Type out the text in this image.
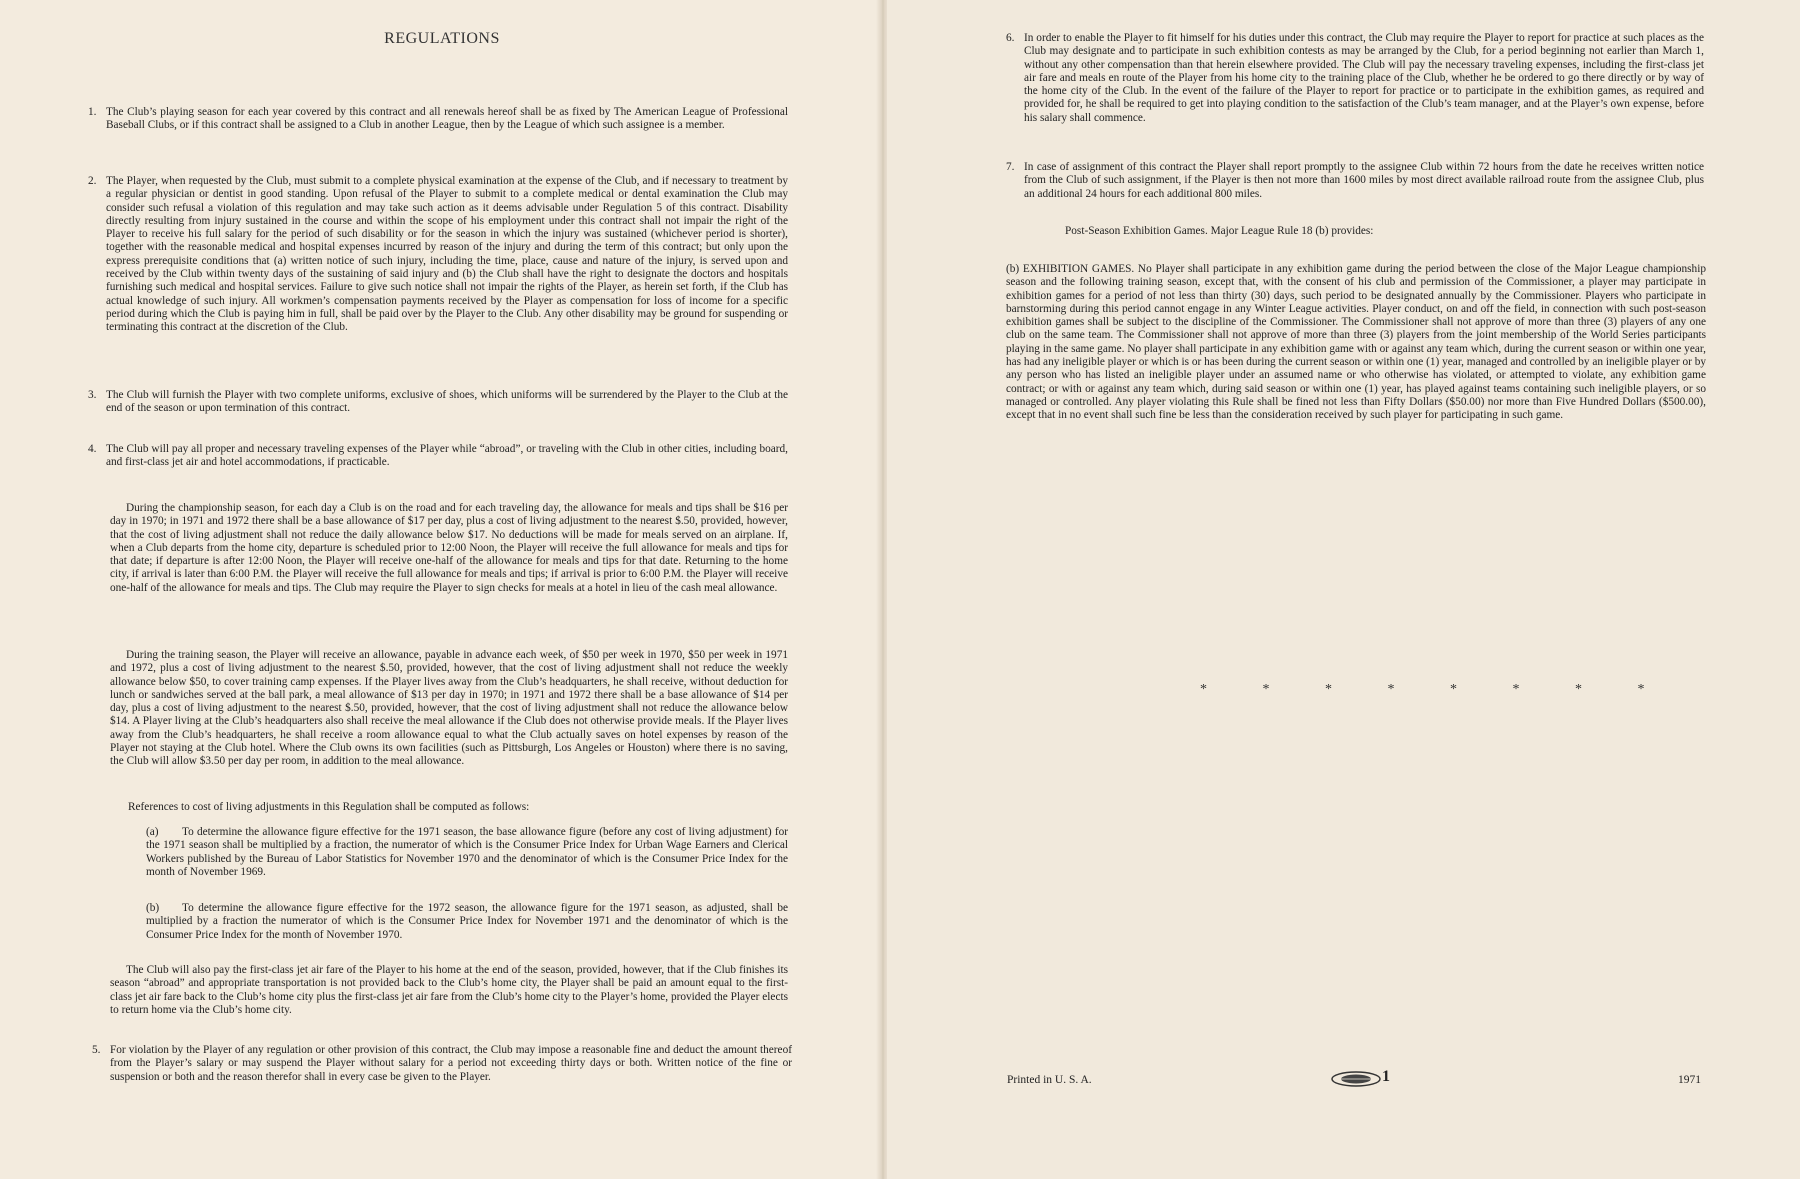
REGULATIONS
1. The Club’s playing season for each year covered by this contract and all renewals hereof shall be as fixed by The American League of Professional Baseball Clubs, or if this contract shall be assigned to a Club in another League, then by the League of which such assignee is a member.
2. The Player, when requested by the Club, must submit to a complete physical examination at the expense of the Club, and if necessary to treatment by a regular physician or dentist in good standing. Upon refusal of the Player to submit to a complete medical or dental examination the Club may consider such refusal a violation of this regulation and may take such action as it deems advisable under Regulation 5 of this contract. Disability directly resulting from injury sustained in the course and within the scope of his employment under this contract shall not impair the right of the Player to receive his full salary for the period of such disability or for the season in which the injury was sustained (whichever period is shorter), together with the reasonable medical and hospital expenses incurred by reason of the injury and during the term of this contract; but only upon the express prerequisite conditions that (a) written notice of such injury, including the time, place, cause and nature of the injury, is served upon and received by the Club within twenty days of the sustaining of said injury and (b) the Club shall have the right to designate the doctors and hospitals furnishing such medical and hospital services. Failure to give such notice shall not impair the rights of the Player, as herein set forth, if the Club has actual knowledge of such injury. All workmen’s compensation payments received by the Player as compensation for loss of income for a specific period during which the Club is paying him in full, shall be paid over by the Player to the Club. Any other disability may be ground for suspending or terminating this contract at the discretion of the Club.
3. The Club will furnish the Player with two complete uniforms, exclusive of shoes, which uniforms will be surrendered by the Player to the Club at the end of the season or upon termination of this contract.
4. The Club will pay all proper and necessary traveling expenses of the Player while “abroad”, or traveling with the Club in other cities, including board, and first-class jet air and hotel accommodations, if practicable.
During the championship season, for each day a Club is on the road and for each traveling day, the allowance for meals and tips shall be $16 per day in 1970; in 1971 and 1972 there shall be a base allowance of $17 per day, plus a cost of living adjustment to the nearest $.50, provided, however, that the cost of living adjustment shall not reduce the daily allowance below $17. No deductions will be made for meals served on an airplane. If, when a Club departs from the home city, departure is scheduled prior to 12:00 Noon, the Player will receive the full allowance for meals and tips for that date; if departure is after 12:00 Noon, the Player will receive one-half of the allowance for meals and tips for that date. Returning to the home city, if arrival is later than 6:00 P.M. the Player will receive the full allowance for meals and tips; if arrival is prior to 6:00 P.M. the Player will receive one-half of the allowance for meals and tips. The Club may require the Player to sign checks for meals at a hotel in lieu of the cash meal allowance.
During the training season, the Player will receive an allowance, payable in advance each week, of $50 per week in 1970, $50 per week in 1971 and 1972, plus a cost of living adjustment to the nearest $.50, provided, however, that the cost of living adjustment shall not reduce the weekly allowance below $50, to cover training camp expenses. If the Player lives away from the Club’s headquarters, he shall receive, without deduction for lunch or sandwiches served at the ball park, a meal allowance of $13 per day in 1970; in 1971 and 1972 there shall be a base allowance of $14 per day, plus a cost of living adjustment to the nearest $.50, provided, however, that the cost of living adjustment shall not reduce the allowance below $14. A Player living at the Club’s headquarters also shall receive the meal allowance if the Club does not otherwise provide meals. If the Player lives away from the Club’s headquarters, he shall receive a room allowance equal to what the Club actually saves on hotel expenses by reason of the Player not staying at the Club hotel. Where the Club owns its own facilities (such as Pittsburgh, Los Angeles or Houston) where there is no saving, the Club will allow $3.50 per day per room, in addition to the meal allowance.
References to cost of living adjustments in this Regulation shall be computed as follows:
(a) To determine the allowance figure effective for the 1971 season, the base allowance figure (before any cost of living adjustment) for the 1971 season shall be multiplied by a fraction, the numerator of which is the Consumer Price Index for Urban Wage Earners and Clerical Workers published by the Bureau of Labor Statistics for November 1970 and the denominator of which is the Consumer Price Index for the month of November 1969.
(b) To determine the allowance figure effective for the 1972 season, the allowance figure for the 1971 season, as adjusted, shall be multiplied by a fraction the numerator of which is the Consumer Price Index for November 1971 and the denominator of which is the Consumer Price Index for the month of November 1970.
The Club will also pay the first-class jet air fare of the Player to his home at the end of the season, provided, however, that if the Club finishes its season “abroad” and appropriate transportation is not provided back to the Club’s home city, the Player shall be paid an amount equal to the first-class jet air fare back to the Club’s home city plus the first-class jet air fare from the Club’s home city to the Player’s home, provided the Player elects to return home via the Club’s home city.
5. For violation by the Player of any regulation or other provision of this contract, the Club may impose a reasonable fine and deduct the amount thereof from the Player’s salary or may suspend the Player without salary for a period not exceeding thirty days or both. Written notice of the fine or suspension or both and the reason therefor shall in every case be given to the Player.
6. In order to enable the Player to fit himself for his duties under this contract, the Club may require the Player to report for practice at such places as the Club may designate and to participate in such exhibition contests as may be arranged by the Club, for a period beginning not earlier than March 1, without any other compensation than that herein elsewhere provided. The Club will pay the necessary traveling expenses, including the first-class jet air fare and meals en route of the Player from his home city to the training place of the Club, whether he be ordered to go there directly or by way of the home city of the Club. In the event of the failure of the Player to report for practice or to participate in the exhibition games, as required and provided for, he shall be required to get into playing condition to the satisfaction of the Club’s team manager, and at the Player’s own expense, before his salary shall commence.
7. In case of assignment of this contract the Player shall report promptly to the assignee Club within 72 hours from the date he receives written notice from the Club of such assignment, if the Player is then not more than 1600 miles by most direct available railroad route from the assignee Club, plus an additional 24 hours for each additional 800 miles.
Post-Season Exhibition Games. Major League Rule 18 (b) provides:
(b) EXHIBITION GAMES. No Player shall participate in any exhibition game during the period between the close of the Major League championship season and the following training season, except that, with the consent of his club and permission of the Commissioner, a player may participate in exhibition games for a period of not less than thirty (30) days, such period to be designated annually by the Commissioner. Players who participate in barnstorming during this period cannot engage in any Winter League activities. Player conduct, on and off the field, in connection with such post-season exhibition games shall be subject to the discipline of the Commissioner. The Commissioner shall not approve of more than three (3) players of any one club on the same team. The Commissioner shall not approve of more than three (3) players from the joint membership of the World Series participants playing in the same game. No player shall participate in any exhibition game with or against any team which, during the current season or within one year, has had any ineligible player or which is or has been during the current season or within one (1) year, managed and controlled by an ineligible player or by any person who has listed an ineligible player under an assumed name or who otherwise has violated, or attempted to violate, any exhibition game contract; or with or against any team which, during said season or within one (1) year, has played against teams containing such ineligible players, or so managed or controlled. Any player violating this Rule shall be fined not less than Fifty Dollars ($50.00) nor more than Five Hundred Dollars ($500.00), except that in no event shall such fine be less than the consideration received by such player for participating in such game.
* * * * * * * *
Printed in U. S. A.	1	1971
